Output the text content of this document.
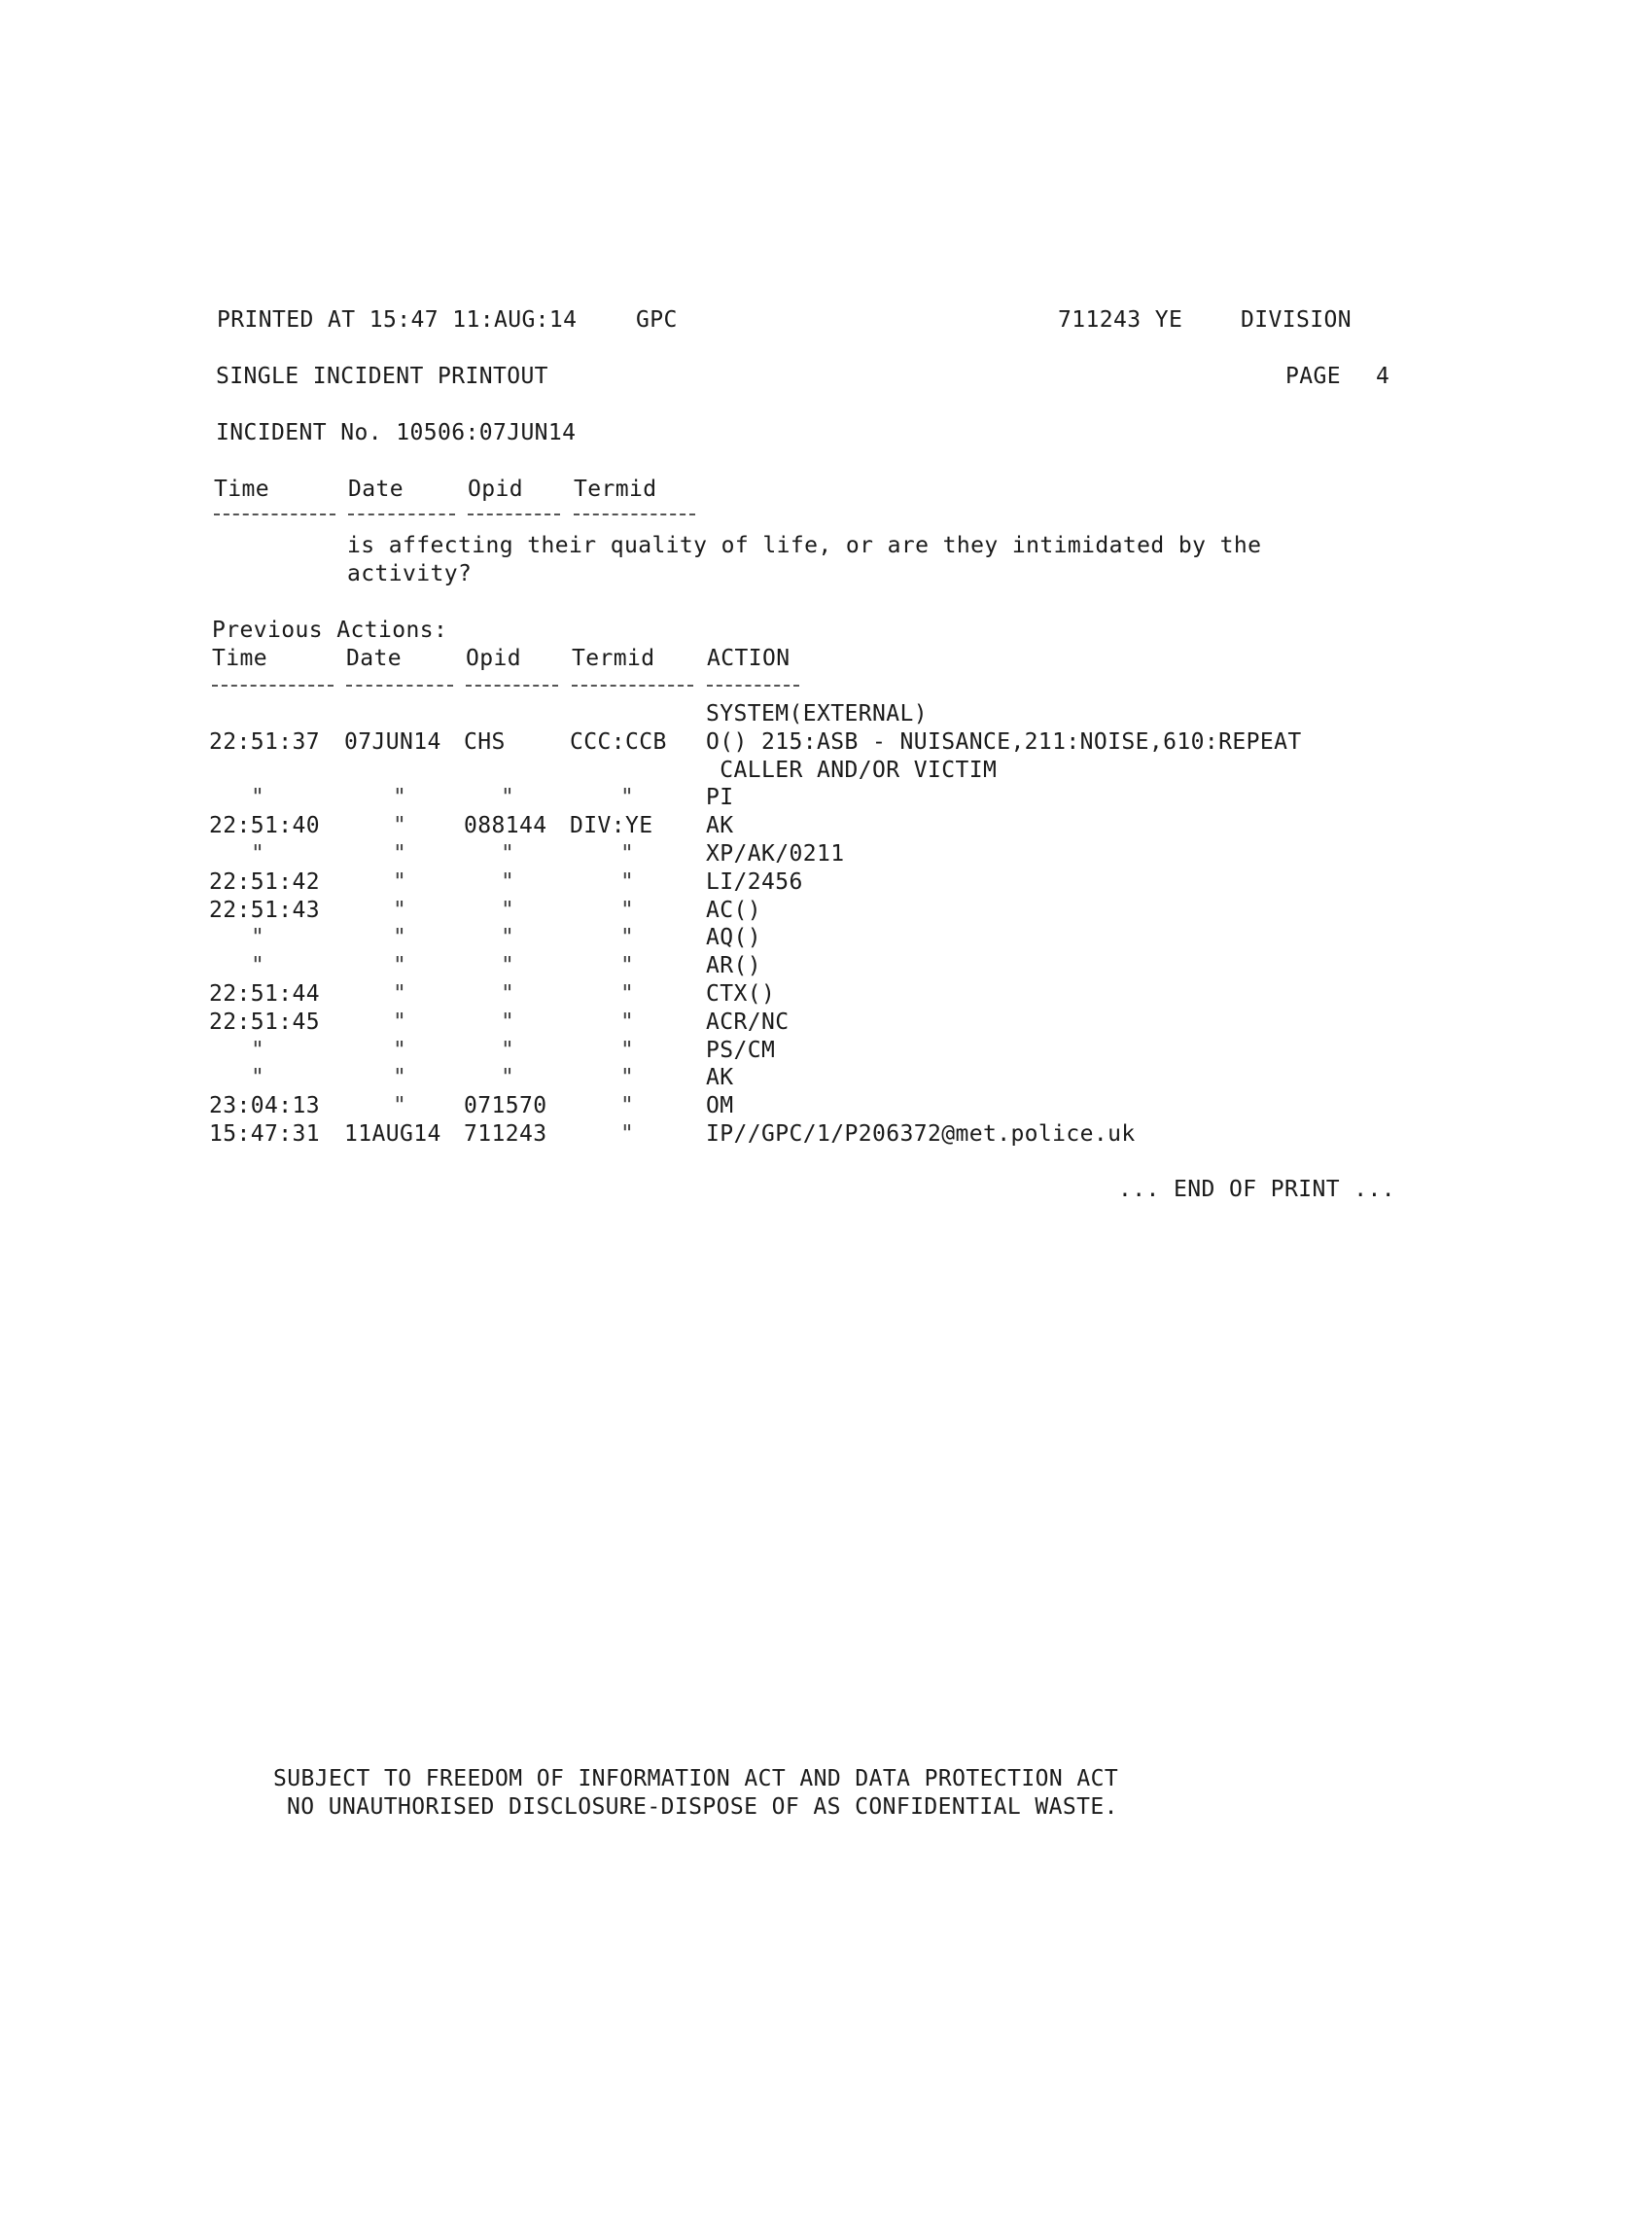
PRINTED AT 15:47 11:AUG:14	GPC	711243 YE	DIVISION
SINGLE INCIDENT PRINTOUT	PAGE 4
INCIDENT No. 10506:07JUN14
Time	Date	Opid Termid
is affecting their quality of life, or are they intimidated by the
activity?
Previous Actions:
Time	Date	Opid Termid ACTION
SYSTEM(EXTERNAL)
22:51:37 07JUN14 CHS	CCC:CCB O() 215:ASB - NUISANCE,211:NOISE,610:REPEAT
CALLER AND/OR VICTIM
"	"	"	"	PI
22:51:40	"	088144 DIV:YE AK
"	"	"	"	XP/AK/0211
22:51:42	"	"	"	LI/2456
22:51:43	"	"	"	AC()
"	"	"	"	AQ()
"	"	"	"	AR()
22:51:44	"	"	"	CTX()
22:51:45	"	"	"	ACR/NC
"	"	"	"	PS/CM
"	"	"	"	AK
23:04:13	"	071570	"	OM
15:47:31 11AUG14 711243	"	IP//GPC/1/P206372@met.police.uk
... END OF PRINT ...
SUBJECT TO FREEDOM OF INFORMATION ACT AND DATA PROTECTION ACT
NO UNAUTHORISED DISCLOSURE-DISPOSE OF AS CONFIDENTIAL WASTE.
